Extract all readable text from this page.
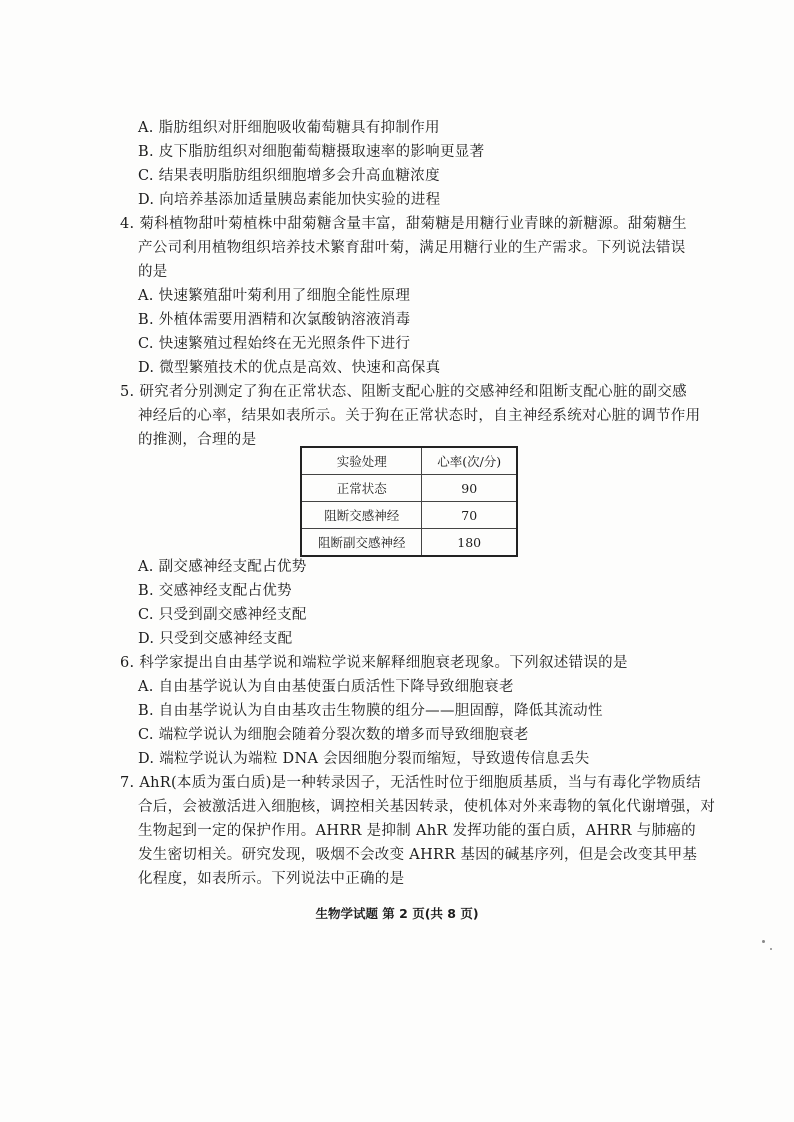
A. 脂肪组织对肝细胞吸收葡萄糖具有抑制作用
B. 皮下脂肪组织对细胞葡萄糖摄取速率的影响更显著
C. 结果表明脂肪组织细胞增多会升高血糖浓度
D. 向培养基添加适量胰岛素能加快实验的进程
4. 菊科植物甜叶菊植株中甜菊糖含量丰富，甜菊糖是用糖行业青睐的新糖源。甜菊糖生
产公司利用植物组织培养技术繁育甜叶菊，满足用糖行业的生产需求。下列说法错误
的是
A. 快速繁殖甜叶菊利用了细胞全能性原理
B. 外植体需要用酒精和次氯酸钠溶液消毒
C. 快速繁殖过程始终在无光照条件下进行
D. 微型繁殖技术的优点是高效、快速和高保真
5. 研究者分别测定了狗在正常状态、阻断支配心脏的交感神经和阻断支配心脏的副交感
神经后的心率，结果如表所示。关于狗在正常状态时，自主神经系统对心脏的调节作用
的推测，合理的是
实验处理	心率(次/分)
正常状态	90
阻断交感神经	70
阻断副交感神经	180
A. 副交感神经支配占优势
B. 交感神经支配占优势
C. 只受到副交感神经支配
D. 只受到交感神经支配
6. 科学家提出自由基学说和端粒学说来解释细胞衰老现象。下列叙述错误的是
A. 自由基学说认为自由基使蛋白质活性下降导致细胞衰老
B. 自由基学说认为自由基攻击生物膜的组分——胆固醇，降低其流动性
C. 端粒学说认为细胞会随着分裂次数的增多而导致细胞衰老
D. 端粒学说认为端粒 DNA 会因细胞分裂而缩短，导致遗传信息丢失
7. AhR(本质为蛋白质)是一种转录因子，无活性时位于细胞质基质，当与有毒化学物质结
合后，会被激活进入细胞核，调控相关基因转录，使机体对外来毒物的氧化代谢增强，对
生物起到一定的保护作用。AHRR 是抑制 AhR 发挥功能的蛋白质，AHRR 与肺癌的
发生密切相关。研究发现，吸烟不会改变 AHRR 基因的碱基序列，但是会改变其甲基
化程度，如表所示。下列说法中正确的是
生物学试题 第 2 页(共 8 页)
